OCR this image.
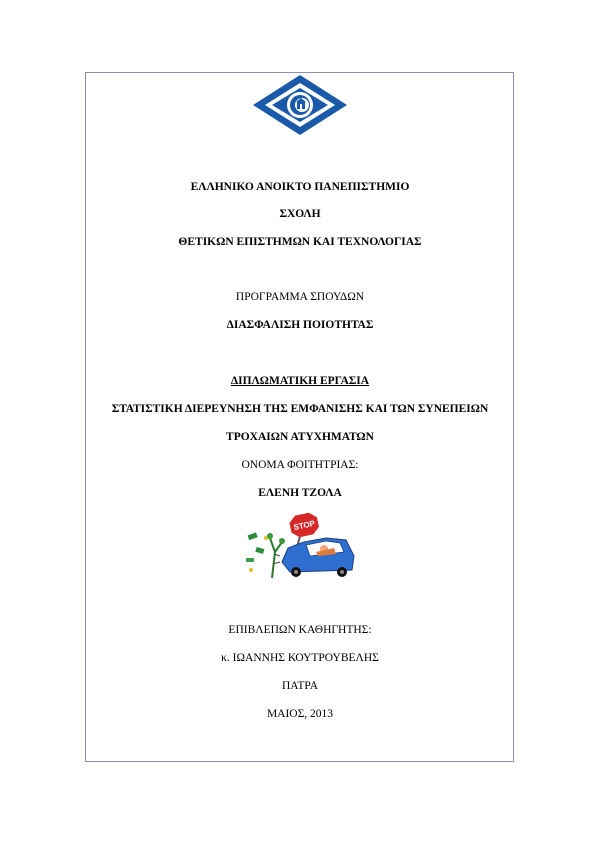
ΕΛΛΗΝΙΚΟ ΑΝΟΙΚΤΟ ΠΑΝΕΠΙΣΤΗΜΙΟ
ΣΧΟΛΗ
ΘΕΤΙΚΩΝ ΕΠΙΣΤΗΜΩΝ ΚΑΙ ΤΕΧΝΟΛΟΓΙΑΣ
ΠΡΟΓΡΑΜΜΑ ΣΠΟΥΔΩΝ
ΔΙΑΣΦΑΛΙΣΗ ΠΟΙΟΤΗΤΑΣ
ΔΙΠΛΩΜΑΤΙΚΗ ΕΡΓΑΣΙΑ
ΣΤΑΤΙΣΤΙΚΗ ΔΙΕΡΕΥΝΗΣΗ ΤΗΣ ΕΜΦΑΝΙΣΗΣ ΚΑΙ ΤΩΝ ΣΥΝΕΠΕΙΩΝ
ΤΡΟΧΑΙΩΝ ΑΤΥΧΗΜΑΤΩΝ
ΟΝΟΜΑ ΦΟΙΤΗΤΡΙΑΣ:
ΕΛΕΝΗ ΤΖΟΛΑ
STOP
ΕΠΙΒΛΕΠΩΝ ΚΑΘΗΓΗΤΗΣ:
κ. ΙΩΑΝΝΗΣ ΚΟΥΤΡΟΥΒΕΛΗΣ
ΠΑΤΡΑ
ΜΑΙΟΣ, 2013
